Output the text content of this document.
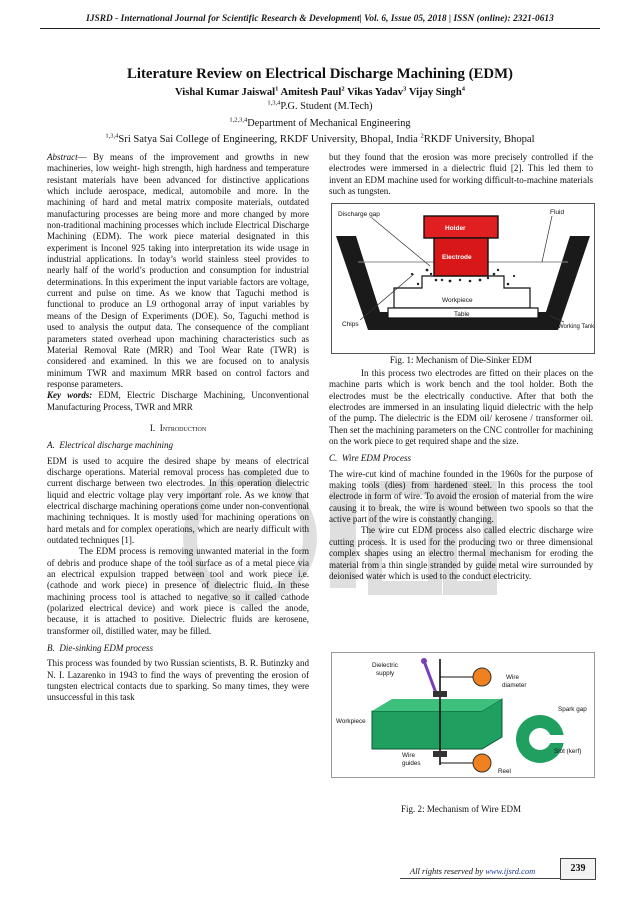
IJSRD - International Journal for Scientific Research & Development| Vol. 6, Issue 05, 2018 | ISSN (online): 2321-0613
Literature Review on Electrical Discharge Machining (EDM)
Vishal Kumar Jaiswal$^1$ Amitesh Paul$^2$ Vikas Yadav$^3$ Vijay Singh$^4$
$^{1,3,4}$P.G. Student (M.Tech)
$^{1,2,3,4}$Department of Mechanical Engineering
$^{1,3,4}$Sri Satya Sai College of Engineering, RKDF University, Bhopal, India $^2$RKDF University, Bhopal

Abstract— By means of the improvement and growths in new machineries, low weight- high strength, high hardness and temperature resistant materials have been advanced for distinctive applications which include aerospace, medical, automobile and more. In the machining of hard and metal matrix composite materials, outdated manufacturing processes are being more and more changed by more non-traditional machining processes which include Electrical Discharge Machining (EDM). The work piece material designated in this experiment is Inconel 925 taking into interpretation its wide usage in industrial applications. In today’s world stainless steel provides to nearly half of the world’s production and consumption for industrial determinations. In this experiment the input variable factors are voltage, current and pulse on time. As we know that Taguchi method is functional to produce an L9 orthogonal array of input variables by means of the Design of Experiments (DOE). So, Taguchi method is used to analysis the output data. The consequence of the compliant parameters stated overhead upon machining characteristics such as Material Removal Rate (MRR) and Tool Wear Rate (TWR) is considered and examined. In this we are focused on to analysis minimum TWR and maximum MRR based on control factors and response parameters.

Key words: EDM, Electric Discharge Machining, Unconventional Manufacturing Process, TWR and MRR

I. Introduction
A. Electrical discharge machining

EDM is used to acquire the desired shape by means of electrical discharge operations. Material removal process has completed due to current discharge between two electrodes. In this operation dielectric liquid and electric voltage play very important role. As we know that electrical discharge machining operations come under non-conventional machining techniques. It is mostly used for machining operations on hard metals and for complex operations, which are nearly difficult with outdated techniques [1].

The EDM process is removing unwanted material in the form of debris and produce shape of the tool surface as of a metal piece via an electrical expulsion trapped between tool and work piece i.e. (cathode and work piece) in presence of dielectric fluid. In these machining process tool is attached to negative so it called cathode (polarized electrical device) and work piece is called the anode, because, it is attached to positive. Dielectric fluids are kerosene, transformer oil, distilled water, may be filled.

B. Die-sinking EDM process

This process was founded by two Russian scientists, B. R. Butinzky and N. I. Lazarenko in 1943 to find the ways of preventing the erosion of tungsten electrical contacts due to sparking. So many times, they were unsuccessful in this task

but they found that the erosion was more precisely controlled if the electrodes were immersed in a dielectric fluid [2]. This led them to invent an EDM machine used for working difficult-to-machine materials such as tungsten.

Discharge gap	Fluid
Holder
Electrode
Workpiece
Chips	Working Tank
Table
Fig. 1: Mechanism of Die-Sinker EDM

In this process two electrodes are fitted on their places on the machine parts which is work bench and the tool holder. Both the electrodes must be the electrically conductive. After that both the electrodes are immersed in an insulating liquid dielectric with the help of the pump. The dielectric is the EDM oil/ kerosene / transformer oil. Then set the machining parameters on the CNC controller for machining on the work piece to get required shape and the size.

C. Wire EDM Process

The wire-cut kind of machine founded in the 1960s for the purpose of making tools (dies) from hardened steel. In this process the tool electrode in form of wire. To avoid the erosion of material from the wire causing it to break, the wire is wound between two spools so that the active part of the wire is constantly changing.

The wire cut EDM process also called electric discharge wire cutting process. It is used for the producing two or three dimensional complex shapes using an electro thermal mechanism for eroding the material from a thin single stranded by guide metal wire surrounded by deionised water which is used to the conduct electricity.

Dielectric
supply
Wire
diameter
Spark gap
Workpiece
Wire
guides
Slot (kerf)
Reel
Fig. 2: Mechanism of Wire EDM
All rights reserved by www.ijsrd.com	239
